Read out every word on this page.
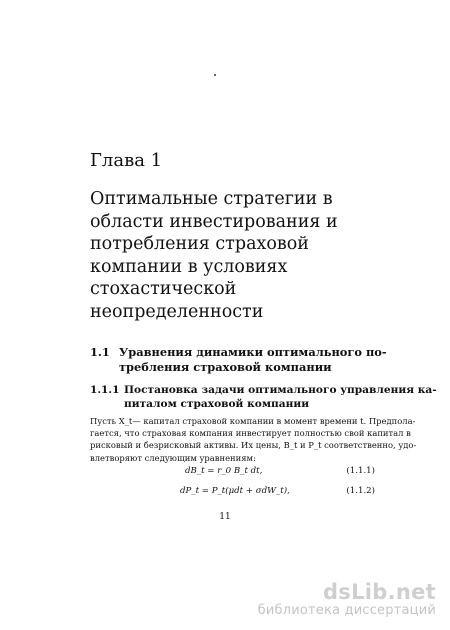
Глава 1
Оптимальные стратегии в
области инвестирования и
потребления страховой
компании в условиях
стохастической
неопределенности
1.1 Уравнения динамики оптимального по-
требления страховой компании
1.1.1 Постановка задачи оптимального управления ка-
питалом страховой компании
Пусть X_t— капитал страховой компании в момент времени t. Предпола-
гается, что страховая компания инвестирует полностью свой капитал в
рисковый и безрисковый активы. Их цены, B_t и P_t соответственно, удо-
влетворяют следующим уравнениям:
dB_t = r_0 B_t dt,	(1.1.1)
dP_t = P_t(μdt + σdW_t),	(1.1.2)
11
dsLib.net
библиотека диссертаций
